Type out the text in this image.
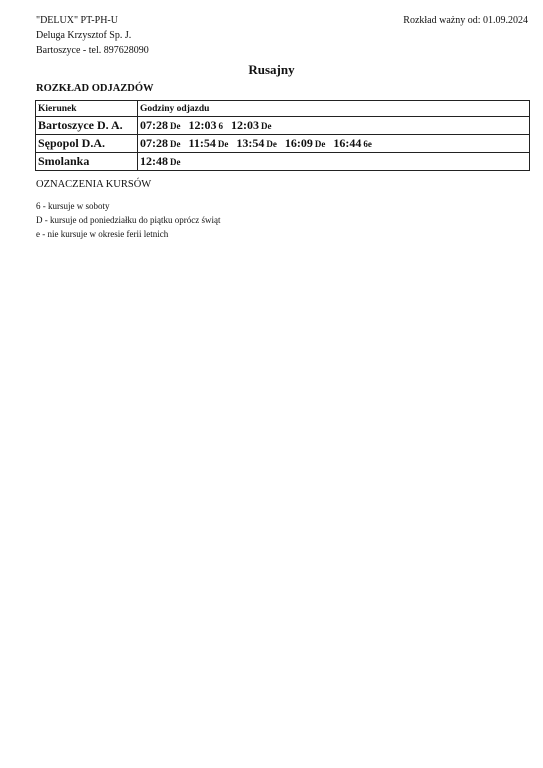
"DELUX" PT-PH-U
Deluga Krzysztof Sp. J.
Bartoszyce - tel. 897628090
Rozkład ważny od: 01.09.2024
Rusajny
ROZKŁAD ODJAZDÓW
Kierunek	Godziny odjazdu
Bartoszyce D. A.	07:28 De 12:03 6 12:03 De
Sępopol D.A.	07:28 De 11:54 De 13:54 De 16:09 De 16:44 6e
Smolanka	12:48 De
OZNACZENIA KURSÓW
6 - kursuje w soboty
D - kursuje od poniedziałku do piątku oprócz świąt
e - nie kursuje w okresie ferii letnich
